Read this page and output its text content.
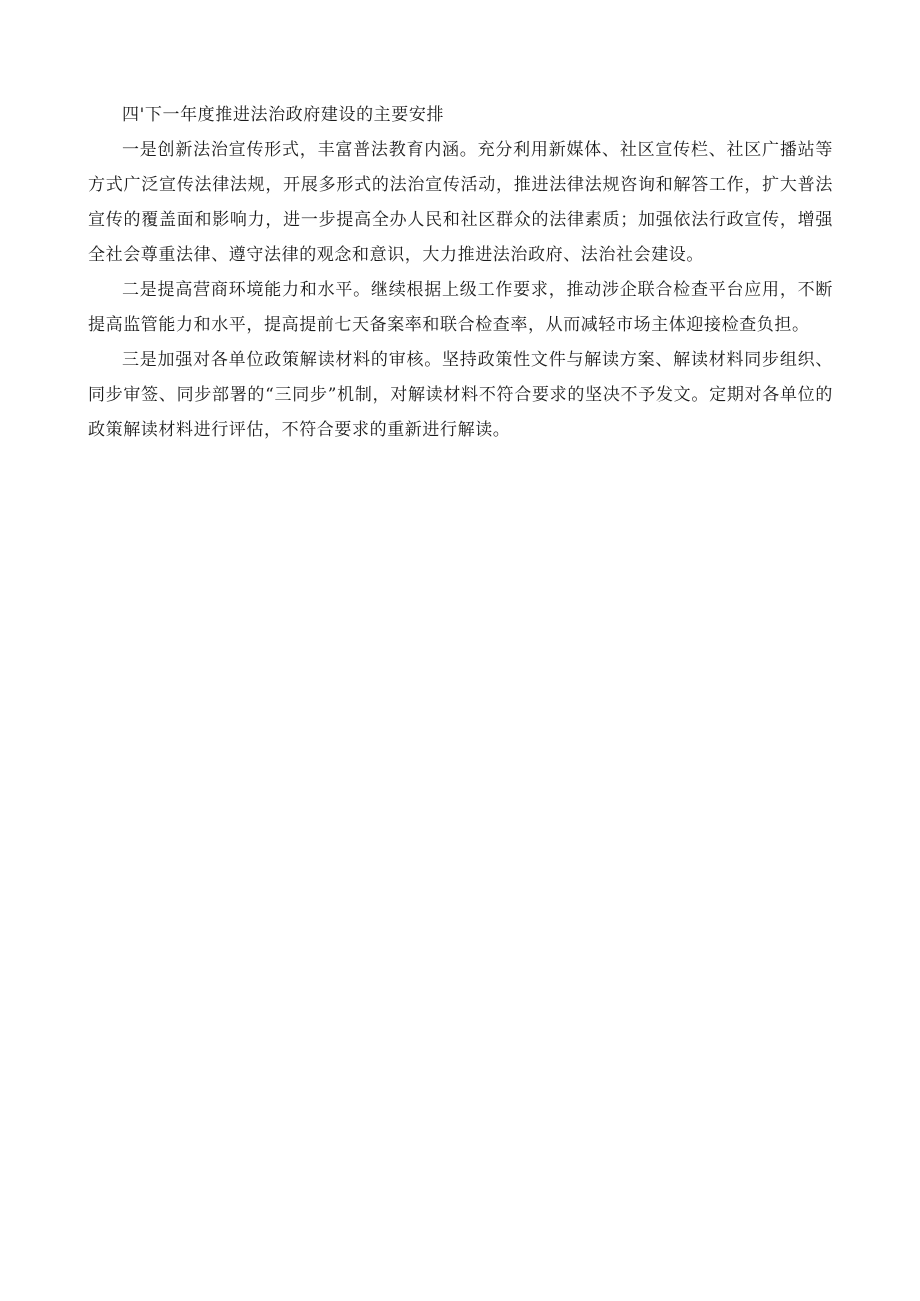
四'下一年度推进法治政府建设的主要安排

一是创新法治宣传形式，丰富普法教育内涵。充分利用新媒体、社区宣传栏、社区广播站等方式广泛宣传法律法规，开展多形式的法治宣传活动，推进法律法规咨询和解答工作，扩大普法宣传的覆盖面和影响力，进一步提高全办人民和社区群众的法律素质；加强依法行政宣传，增强全社会尊重法律、遵守法律的观念和意识，大力推进法治政府、法治社会建设。

二是提高营商环境能力和水平。继续根据上级工作要求，推动涉企联合检查平台应用，不断提高监管能力和水平，提高提前七天备案率和联合检查率，从而减轻市场主体迎接检查负担。

三是加强对各单位政策解读材料的审核。坚持政策性文件与解读方案、解读材料同步组织、同步审签、同步部署的“三同步”机制，对解读材料不符合要求的坚决不予发文。定期对各单位的政策解读材料进行评估，不符合要求的重新进行解读。
